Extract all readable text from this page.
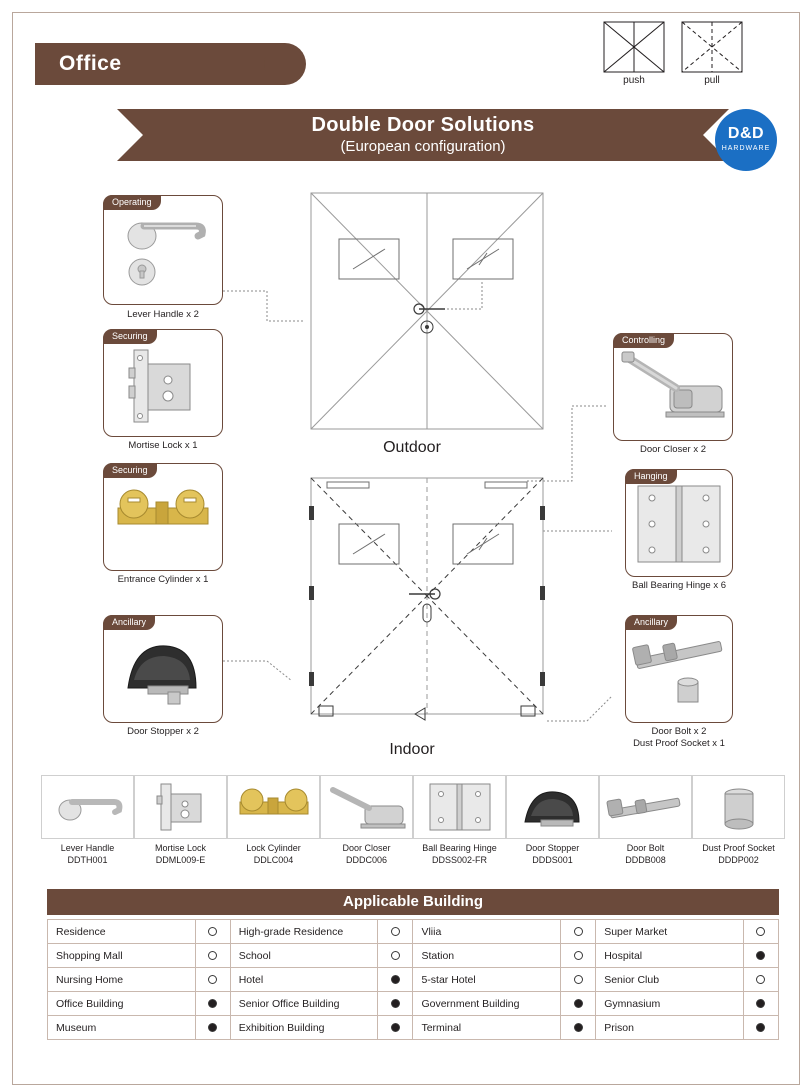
Office
push	pull
Double Door Solutions
(European configuration)
D&D
HARDWARE
Outdoor
Indoor
Operating
Lever Handle x 2
Securing
Mortise Lock x 1
Securing
Entrance Cylinder x 1
Ancillary
Door Stopper x 2
Controlling
Door Closer x 2
Hanging
Ball Bearing Hinge x 6
Ancillary
Door Bolt x 2
Dust Proof Socket x 1
Lever Handle
DDTH001
Mortise Lock
DDML009-E
Lock Cylinder
DDLC004
Door Closer
DDDC006
Ball Bearing Hinge
DDSS002-FR
Door Stopper
DDDS001
Door Bolt
DDDB008
Dust Proof Socket
DDDP002
Applicable Building
Residence		High-grade Residence		Vliia		Super Market	
Shopping Mall		School		Station		Hospital	
Nursing Home		Hotel		5-star Hotel		Senior Club	
Office Building		Senior Office Building		Government Building		Gymnasium	
Museum		Exhibition Building		Terminal		Prison	
